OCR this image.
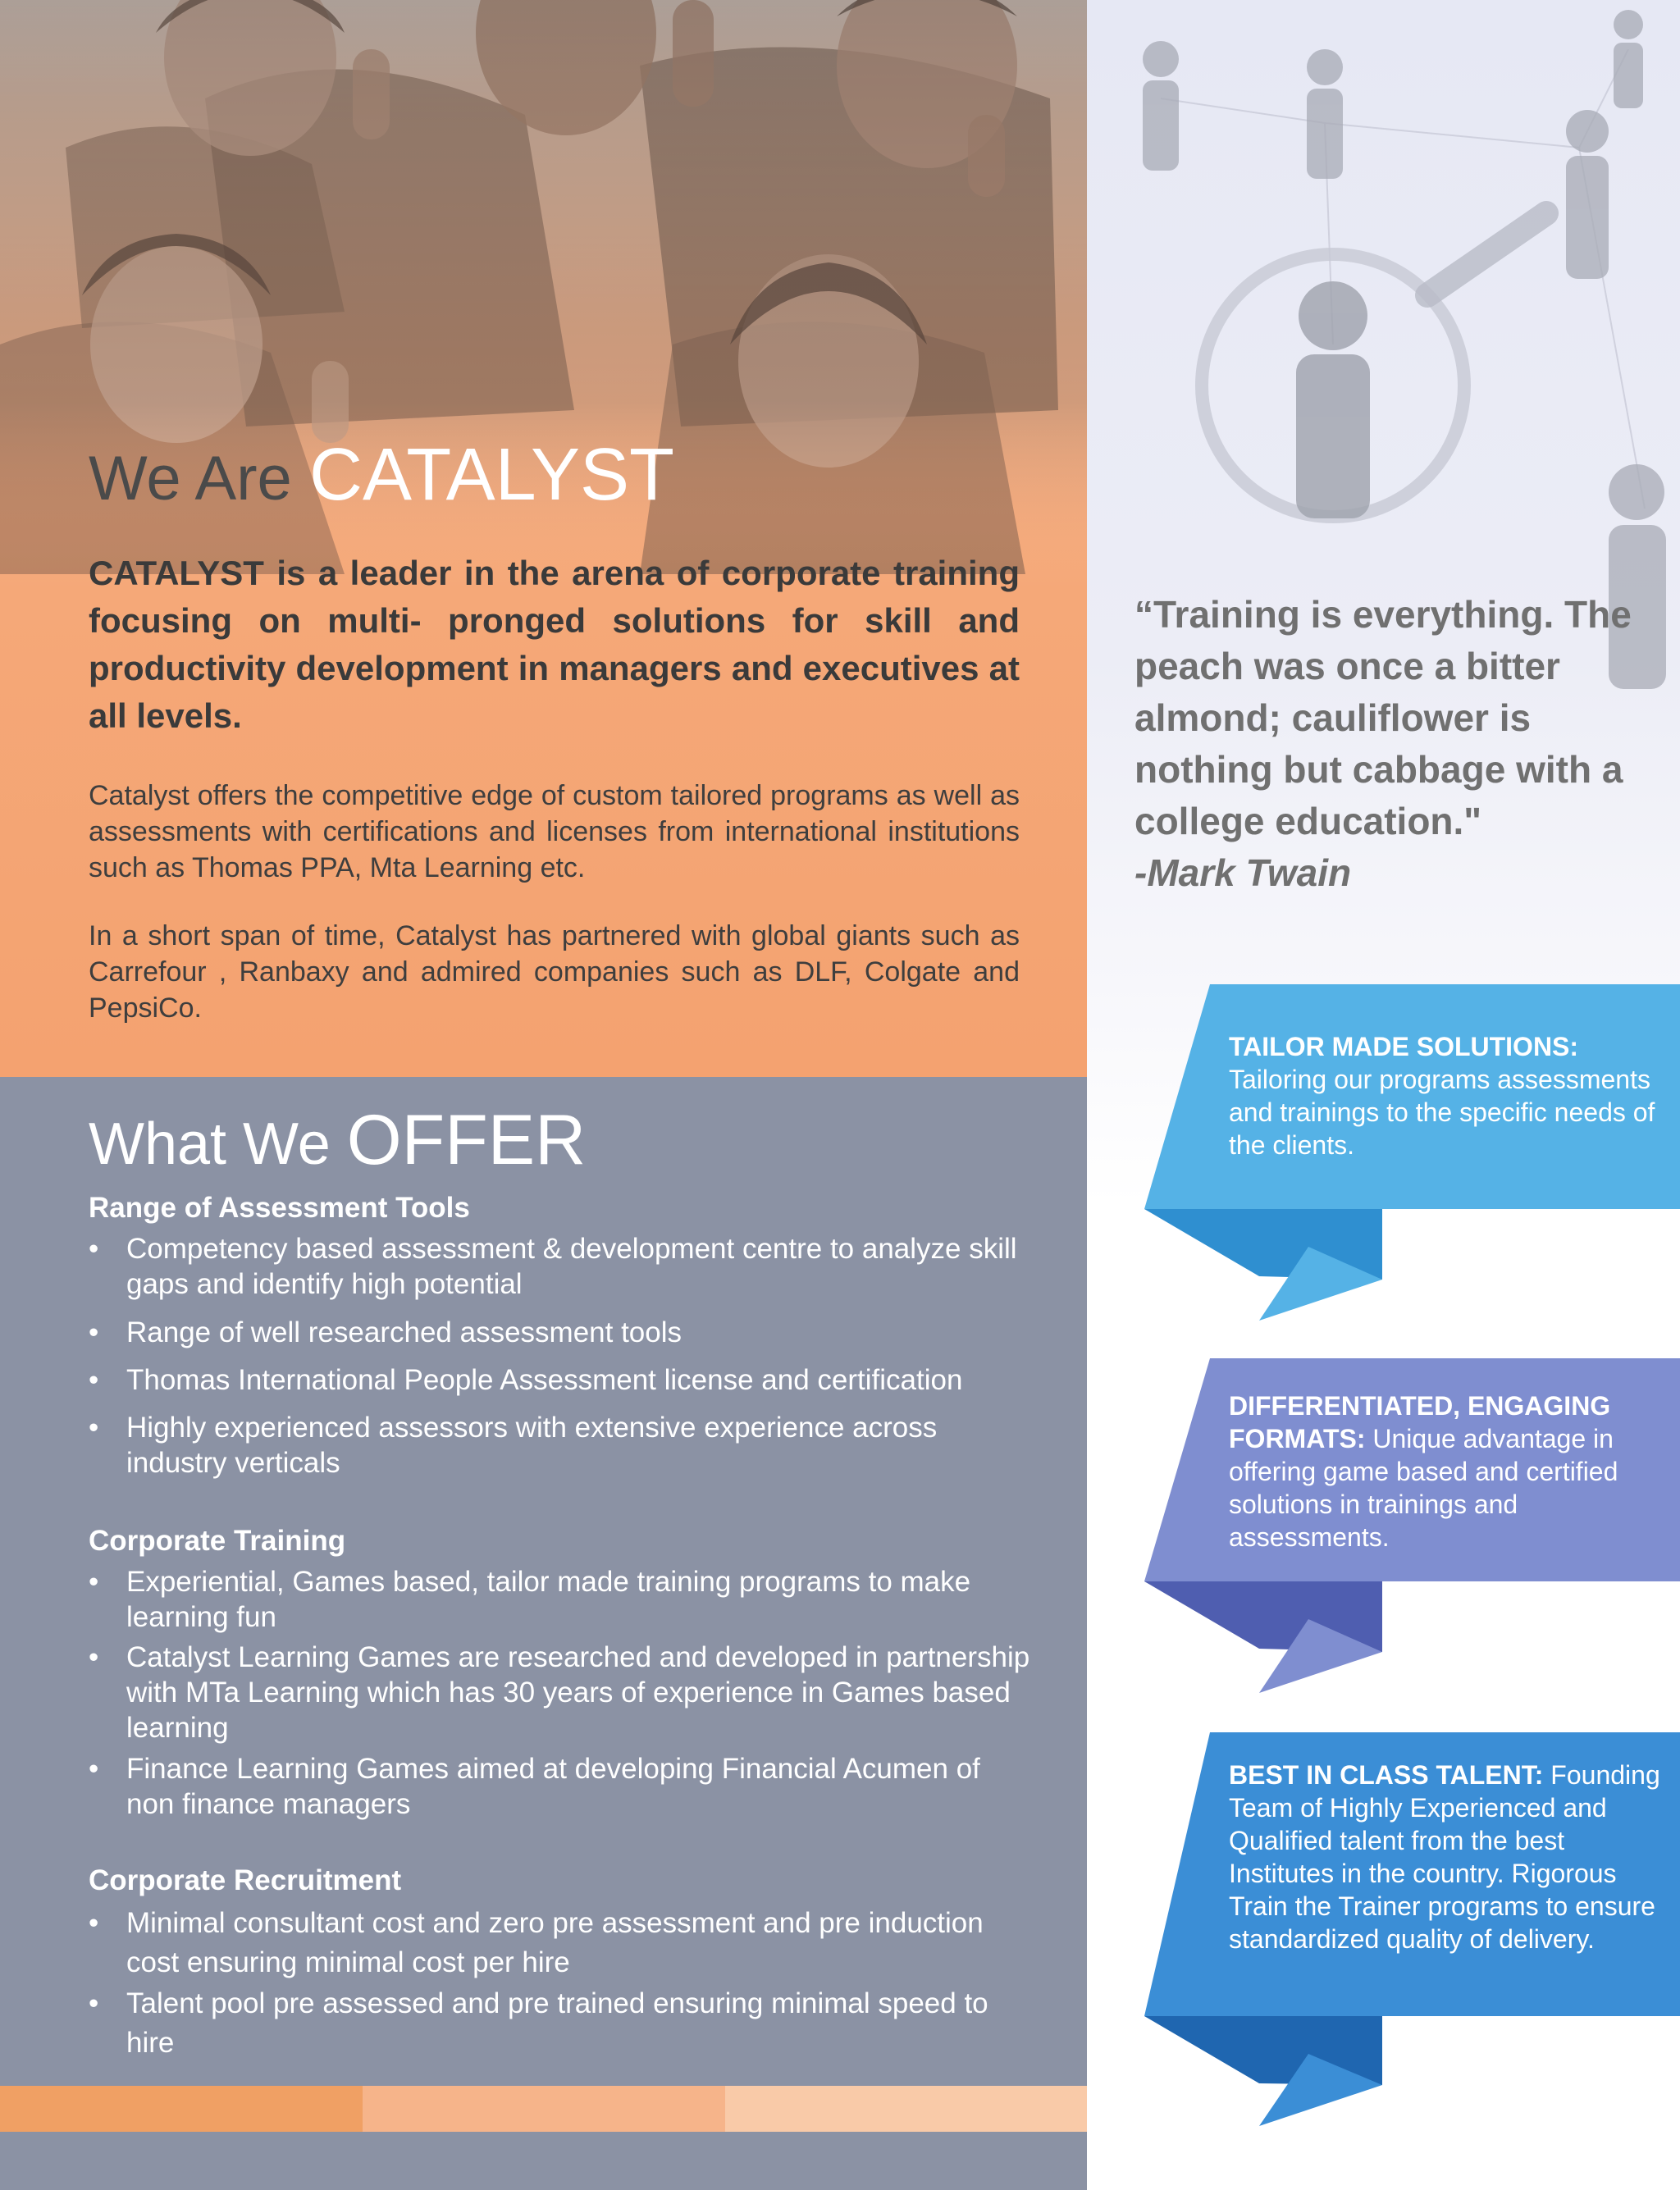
We Are CATALYST

CATALYST is a leader in the arena of corporate training focusing on multi- pronged solutions for skill and productivity development in managers and executives at all levels.

Catalyst offers the competitive edge of custom tailored programs as well as assessments with certifications and licenses from international institutions such as Thomas PPA, Mta Learning etc.

In a short span of time, Catalyst has partnered with global giants such as Carrefour , Ranbaxy and admired companies such as DLF, Colgate and PepsiCo.

What We OFFER
Range of Assessment Tools

• Competency based assessment & development centre to analyze skill gaps and identify high potential

• Range of well researched assessment tools

• Thomas International People Assessment license and certification

• Highly experienced assessors with extensive experience across industry verticals

Corporate Training

• Experiential, Games based, tailor made training programs to make learning fun

• Catalyst Learning Games are researched and developed in partnership with MTa Learning which has 30 years of experience in Games based learning

• Finance Learning Games aimed at developing Financial Acumen of non finance managers

Corporate Recruitment

• Minimal consultant cost and zero pre assessment and pre induction cost ensuring minimal cost per hire

• Talent pool pre assessed and pre trained ensuring minimal speed to hire

“Training is everything. The peach was once a bitter almond; cauliflower is nothing but cabbage with a college education."
-Mark Twain

TAILOR MADE SOLUTIONS:
Tailoring our programs assessments and trainings to the specific needs of the clients.

DIFFERENTIATED, ENGAGING FORMATS: Unique advantage in offering game based and certified solutions in trainings and assessments.

BEST IN CLASS TALENT: Founding Team of Highly Experienced and Qualified talent from the best Institutes in the country. Rigorous Train the Trainer programs to ensure standardized quality of delivery.
